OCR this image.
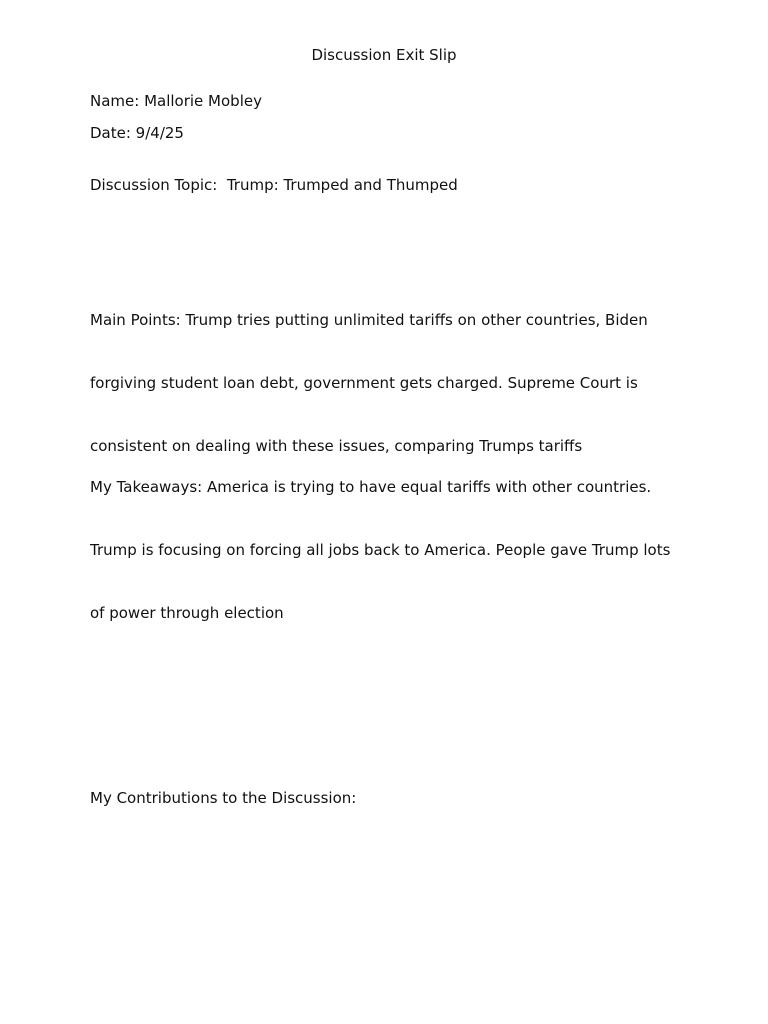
Discussion Exit Slip
Name: Mallorie Mobley
Date: 9/4/25
Discussion Topic:  Trump: Trumped and Thumped

Main Points: Trump tries putting unlimited tariffs on other countries, Biden

forgiving student loan debt, government gets charged. Supreme Court is

consistent on dealing with these issues, comparing Trumps tariffs

My Takeaways: America is trying to have equal tariffs with other countries.

Trump is focusing on forcing all jobs back to America. People gave Trump lots

of power through election

My Contributions to the Discussion:
